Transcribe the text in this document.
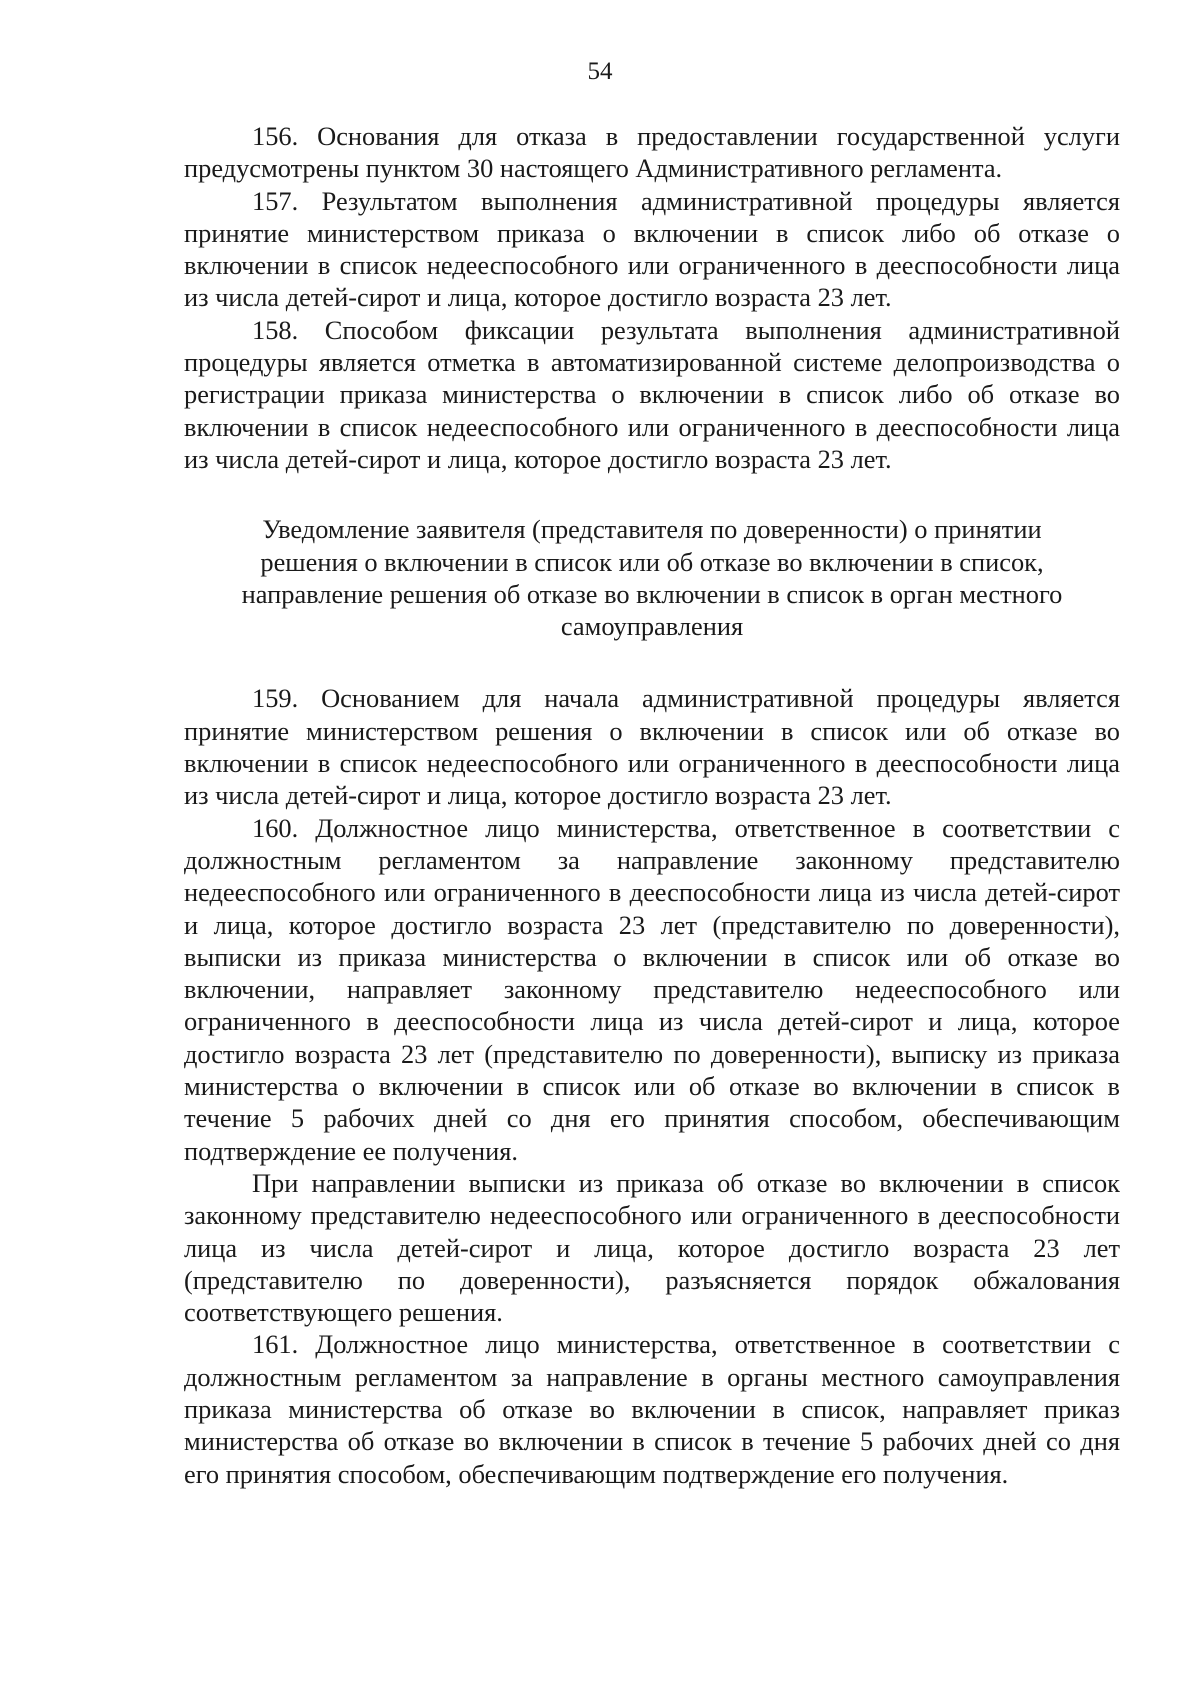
54

156. Основания для отказа в предоставлении государственной услуги предусмотрены пунктом 30 настоящего Административного регламента.

157. Результатом выполнения административной процедуры является принятие министерством приказа о включении в список либо об отказе о включении в список недееспособного или ограниченного в дееспособности лица из числа детей-сирот и лица, которое достигло возраста 23 лет.

158. Способом фиксации результата выполнения административной процедуры является отметка в автоматизированной системе делопроизводства о регистрации приказа министерства о включении в список либо об отказе во включении в список недееспособного или ограниченного в дееспособности лица из числа детей-сирот и лица, которое достигло возраста 23 лет.

Уведомление заявителя (представителя по доверенности) о принятии
решения о включении в список или об отказе во включении в список,
направление решения об отказе во включении в список в орган местного
самоуправления

159. Основанием для начала административной процедуры является принятие министерством решения о включении в список или об отказе во включении в список недееспособного или ограниченного в дееспособности лица из числа детей-сирот и лица, которое достигло возраста 23 лет.

160. Должностное лицо министерства, ответственное в соответствии с должностным регламентом за направление законному представителю недееспособного или ограниченного в дееспособности лица из числа детей-сирот и лица, которое достигло возраста 23 лет (представителю по доверенности), выписки из приказа министерства о включении в список или об отказе во включении, направляет законному представителю недееспособного или ограниченного в дееспособности лица из числа детей-сирот и лица, которое достигло возраста 23 лет (представителю по доверенности), выписку из приказа министерства о включении в список или об отказе во включении в список в течение 5 рабочих дней со дня его принятия способом, обеспечивающим подтверждение ее получения.

При направлении выписки из приказа об отказе во включении в список законному представителю недееспособного или ограниченного в дееспособности лица из числа детей-сирот и лица, которое достигло возраста 23 лет (представителю по доверенности), разъясняется порядок обжалования соответствующего решения.

161. Должностное лицо министерства, ответственное в соответствии с должностным регламентом за направление в органы местного самоуправления приказа министерства об отказе во включении в список, направляет приказ министерства об отказе во включении в список в течение 5 рабочих дней со дня его принятия способом, обеспечивающим подтверждение его получения.
